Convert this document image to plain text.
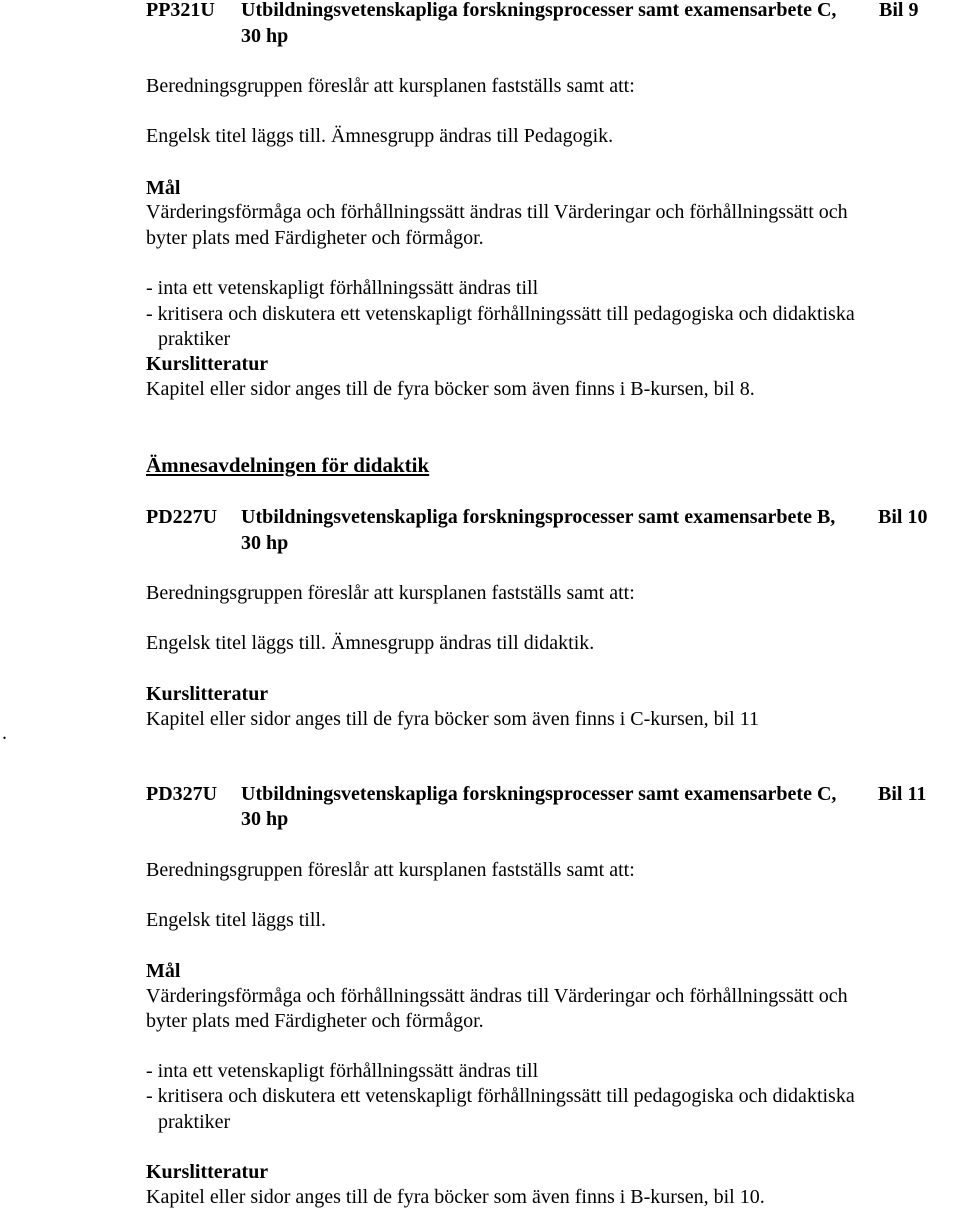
PP321U Utbildningsvetenskapliga forskningsprocesser samt examensarbete C, Bil 9
30 hp
Beredningsgruppen föreslår att kursplanen fastställs samt att:
Engelsk titel läggs till. Ämnesgrupp ändras till Pedagogik.
Mål
Värderingsförmåga och förhållningssätt ändras till Värderingar och förhållningssätt och
byter plats med Färdigheter och förmågor.
- inta ett vetenskapligt förhållningssätt ändras till
- kritisera och diskutera ett vetenskapligt förhållningssätt till pedagogiska och didaktiska
praktiker
Kurslitteratur
Kapitel eller sidor anges till de fyra böcker som även finns i B-kursen, bil 8.
Ämnesavdelningen för didaktik
PD227U Utbildningsvetenskapliga forskningsprocesser samt examensarbete B, Bil 10
30 hp
Beredningsgruppen föreslår att kursplanen fastställs samt att:
Engelsk titel läggs till. Ämnesgrupp ändras till didaktik.
Kurslitteratur
Kapitel eller sidor anges till de fyra böcker som även finns i C-kursen, bil 11
.
PD327U Utbildningsvetenskapliga forskningsprocesser samt examensarbete C, Bil 11
30 hp
Beredningsgruppen föreslår att kursplanen fastställs samt att:
Engelsk titel läggs till.
Mål
Värderingsförmåga och förhållningssätt ändras till Värderingar och förhållningssätt och
byter plats med Färdigheter och förmågor.
- inta ett vetenskapligt förhållningssätt ändras till
- kritisera och diskutera ett vetenskapligt förhållningssätt till pedagogiska och didaktiska
praktiker
Kurslitteratur
Kapitel eller sidor anges till de fyra böcker som även finns i B-kursen, bil 10.
